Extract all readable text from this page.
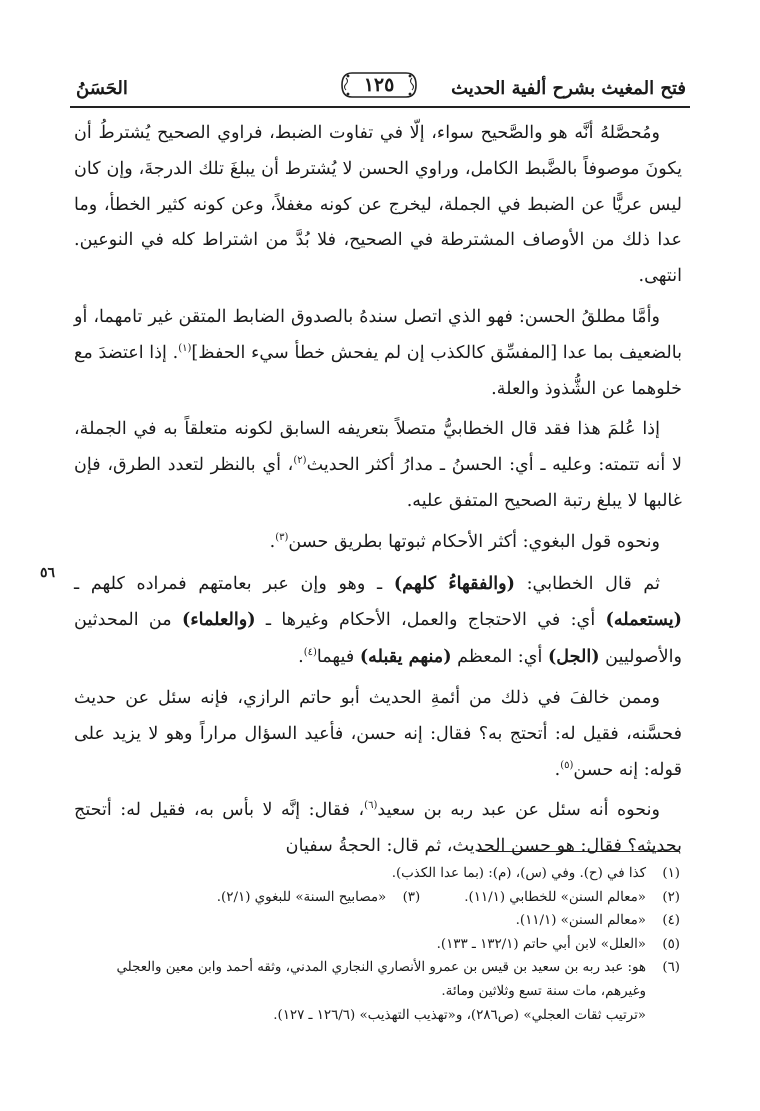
فتح المغيث بشرح ألفية الحديث
١٢٥
الحَسَنُ

ومُحصَّلهُ أنَّه هو والصَّحيح سواء، إلّا في تفاوت الضبط، فراوي الصحيح يُشترطُ أن يكونَ موصوفاً بالضَّبط الكامل، وراوي الحسن لا يُشترط أن يبلغَ تلك الدرجةَ، وإن كان ليس عريًّا عن الضبط في الجملة، ليخرج عن كونه مغفلاً، وعن كونه كثير الخطأ، وما عدا ذلك من الأوصاف المشترطة في الصحيح، فلا بُدَّ من اشتراط كله في النوعين. انتهى.

وأمَّا مطلقُ الحسن: فهو الذي اتصل سندهُ بالصدوق الضابط المتقن غير تامهما، أو بالضعيف بما عدا [المفسِّق كالكذب إن لم يفحش خطأ سيء الحفظ]$^{(١)}$. إذا اعتضدَ مع خلوهما عن الشُّذوذ والعلة.

إذا عُلمَ هذا فقد قال الخطابيُّ متصلاً بتعريفه السابق لكونه متعلقاً به في الجملة، لا أنه تتمته: وعليه ـ أي: الحسنُ ـ مدارُ أكثر الحديث$^{(٢)}$، أي بالنظر لتعدد الطرق، فإن غالبها لا يبلغ رتبة الصحيح المتفق عليه.

ونحوه قول البغوي: أكثر الأحكام ثبوتها بطريق حسن$^{(٣)}$.

ثم قال الخطابي: (والفقهاءُ كلهم) ـ وهو وإن عبر بعامتهم فمراده كلهم ـ (يستعمله) أي: في الاحتجاج والعمل، الأحكام وغيرها ـ (والعلماء) من المحدثين والأصوليين (الجل) أي: المعظم (منهم يقبله) فيهما$^{(٤)}$.

وممن خالفَ في ذلك من أئمةِ الحديث أبو حاتم الرازي، فإنه سئل عن حديث فحسَّنه، فقيل له: أتحتج به؟ فقال: إنه حسن، فأعيد السؤال مراراً وهو لا يزيد على قوله: إنه حسن$^{(٥)}$.

ونحوه أنه سئل عن عبد ربه بن سعيد$^{(٦)}$، فقال: إنَّه لا بأس به، فقيل له: أتحتج بحديثه؟ فقال: هو حسن الحديث، ثم قال: الحجةُ سفيان

٥٦
(١)
كذا في (ح). وفي (س)، (م): (بما عدا الكذب).
(٢)
«معالم السنن» للخطابي (١١/١).
(٣)
«مصابيح السنة» للبغوي (٢/١).
(٤)
«معالم السنن» (١١/١).
(٥)
«العلل» لابن أبي حاتم (١٣٢/١ ـ ١٣٣).
(٦)
هو: عبد ربه بن سعيد بن قيس بن عمرو الأنصاري النجاري المدني، وثقه أحمد وابن معين والعجلي وغيرهم، مات سنة تسع وثلاثين ومائة.
«ترتيب ثقات العجلي» (ص٢٨٦)، و«تهذيب التهذيب» (١٢٦/٦ ـ ١٢٧).
